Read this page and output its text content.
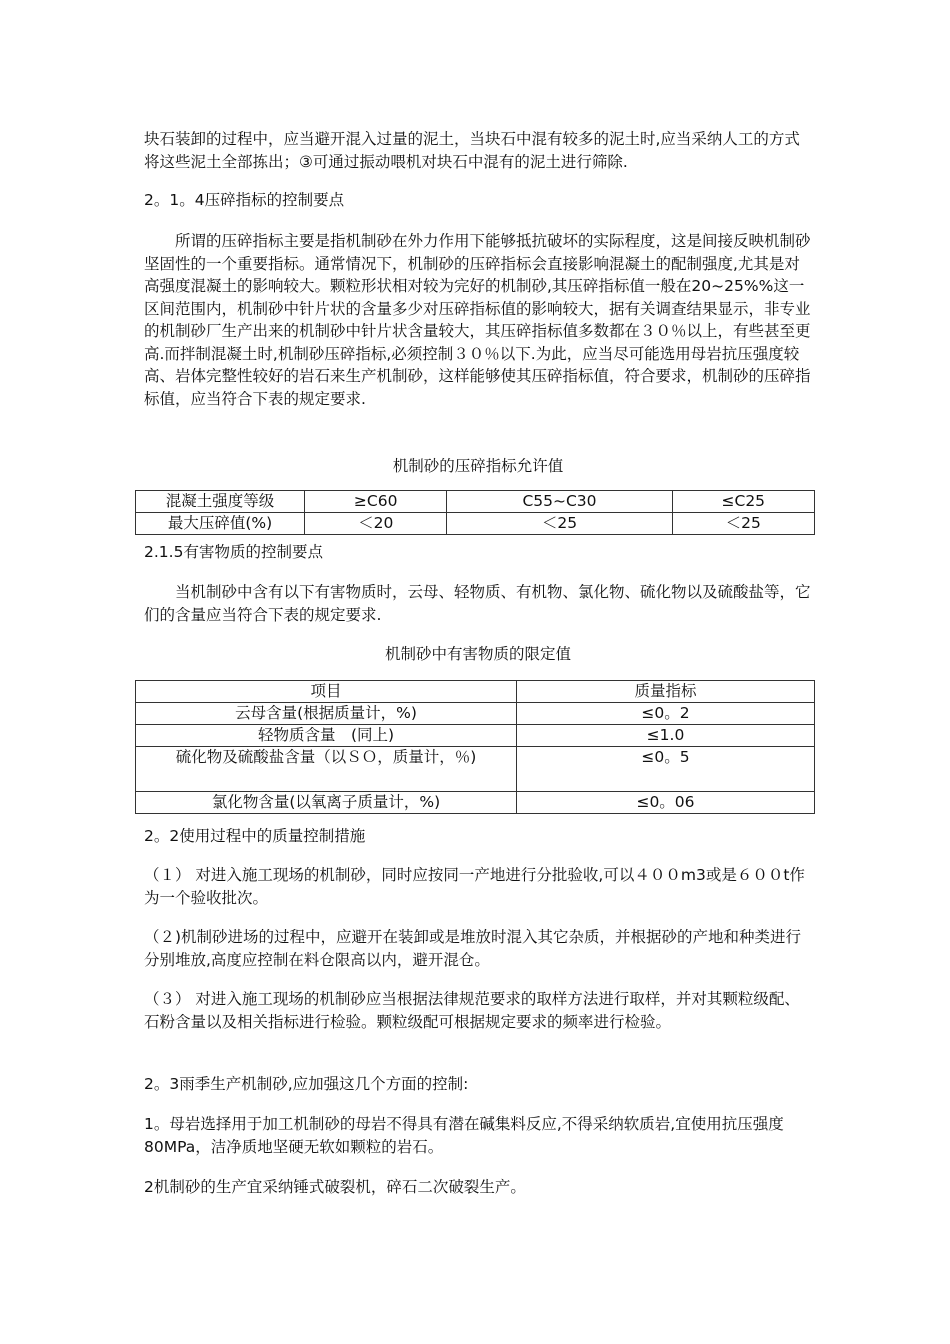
块石装卸的过程中，应当避开混入过量的泥土，当块石中混有较多的泥土时,应当采纳人工的方式将这些泥土全部拣出；③可通过振动喂机对块石中混有的泥土进行筛除.

2。1。4压碎指标的控制要点

　　所谓的压碎指标主要是指机制砂在外力作用下能够抵抗破坏的实际程度，这是间接反映机制砂坚固性的一个重要指标。通常情况下，机制砂的压碎指标会直接影响混凝土的配制强度,尤其是对高强度混凝土的影响较大。颗粒形状相对较为完好的机制砂,其压碎指标值一般在20~25%%这一区间范围内，机制砂中针片状的含量多少对压碎指标值的影响较大，据有关调查结果显示，非专业的机制砂厂生产出来的机制砂中针片状含量较大，其压碎指标值多数都在３０％以上，有些甚至更高.而拌制混凝土时,机制砂压碎指标,必须控制３０％以下.为此，应当尽可能选用母岩抗压强度较高、岩体完整性较好的岩石来生产机制砂，这样能够使其压碎指标值，符合要求，机制砂的压碎指标值，应当符合下表的规定要求.

机制砂的压碎指标允许值

混凝土强度等级	≥C60	C55~C30	≤C25
最大压碎值(%)	＜20	＜25	＜25

2.1.5有害物质的控制要点

　　当机制砂中含有以下有害物质时，云母、轻物质、有机物、氯化物、硫化物以及硫酸盐等，它们的含量应当符合下表的规定要求.

机制砂中有害物质的限定值

项目	质量指标
云母含量(根据质量计，%)	≤0。2
轻物质含量　(同上)	≤1.0
硫化物及硫酸盐含量（以ＳＯ，质量计，％)	≤0。5
氯化物含量(以氧离子质量计，%)	≤0。06

2。2使用过程中的质量控制措施

（１） 对进入施工现场的机制砂，同时应按同一产地进行分批验收,可以４００m3或是６００t作为一个验收批次。

（２)机制砂进场的过程中，应避开在装卸或是堆放时混入其它杂质，并根据砂的产地和种类进行分别堆放,高度应控制在料仓限高以内，避开混仓。

（３） 对进入施工现场的机制砂应当根据法律规范要求的取样方法进行取样，并对其颗粒级配、石粉含量以及相关指标进行检验。颗粒级配可根据规定要求的频率进行检验。

2。3雨季生产机制砂,应加强这几个方面的控制:

1。母岩选择用于加工机制砂的母岩不得具有潜在碱集料反应,不得采纳软质岩,宜使用抗压强度80MPa，洁净质地坚硬无软如颗粒的岩石。

2机制砂的生产宜采纳锤式破裂机，碎石二次破裂生产。
